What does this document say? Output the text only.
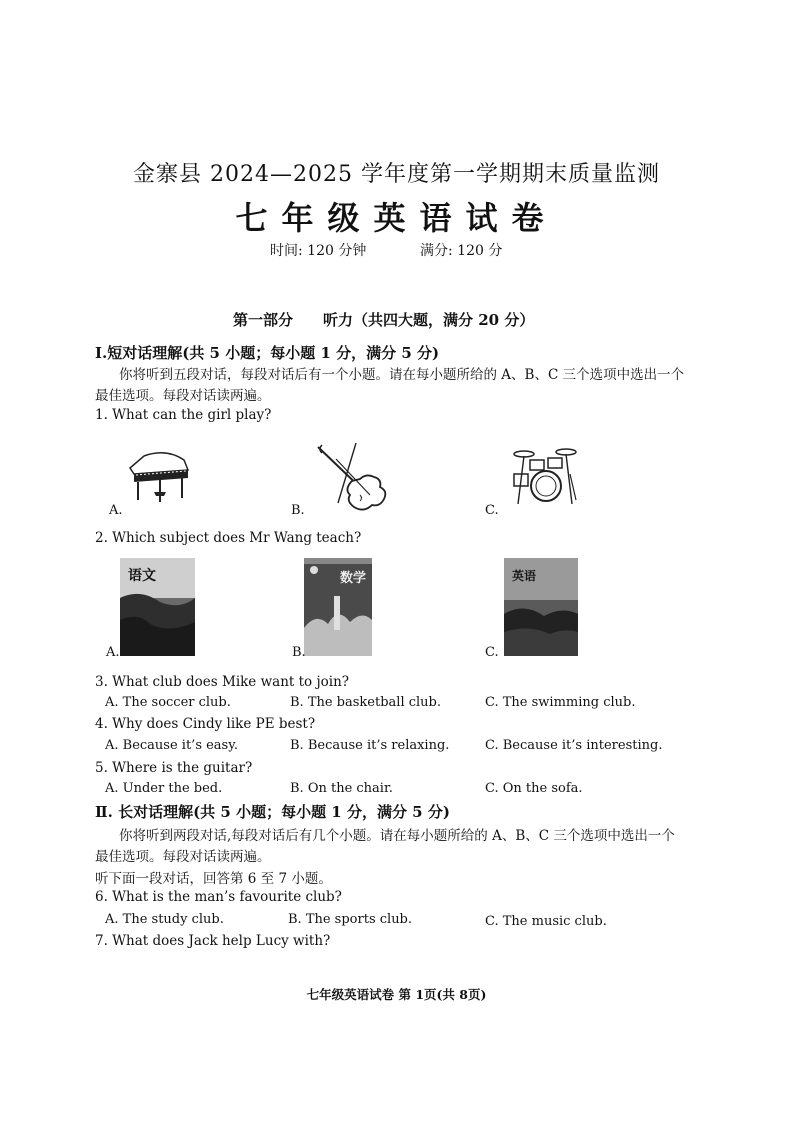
金寨县 2024—2025 学年度第一学期期末质量监测
七年级英语试卷
时间: 120 分钟	满分: 120 分
第一部分 听力（共四大题，满分 20 分）
Ⅰ.短对话理解(共 5 小题；每小题 1 分，满分 5 分)
你将听到五段对话，每段对话后有一个小题。请在每小题所给的 A、B、C 三个选项中选出一个
最佳选项。每段对话读两遍。
1. What can the girl play?
A.	B.	C.
2. Which subject does Mr Wang teach?
语文	数学	英语
A.	B.	C.
3. What club does Mike want to join?
A. The soccer club.	B. The basketball club.	C. The swimming club.
4. Why does Cindy like PE best?
A. Because it’s easy.	B. Because it’s relaxing.	C. Because it’s interesting.
5. Where is the guitar?
A. Under the bed.	B. On the chair.	C. On the sofa.
Ⅱ. 长对话理解(共 5 小题；每小题 1 分，满分 5 分)
你将听到两段对话,每段对话后有几个小题。请在每小题所给的 A、B、C 三个选项中选出一个
最佳选项。每段对话读两遍。
听下面一段对话，回答第 6 至 7 小题。
6. What is the man’s favourite club?
A. The study club.	B. The sports club.	C. The music club.
7. What does Jack help Lucy with?
七年级英语试卷 第 1页(共 8页)
